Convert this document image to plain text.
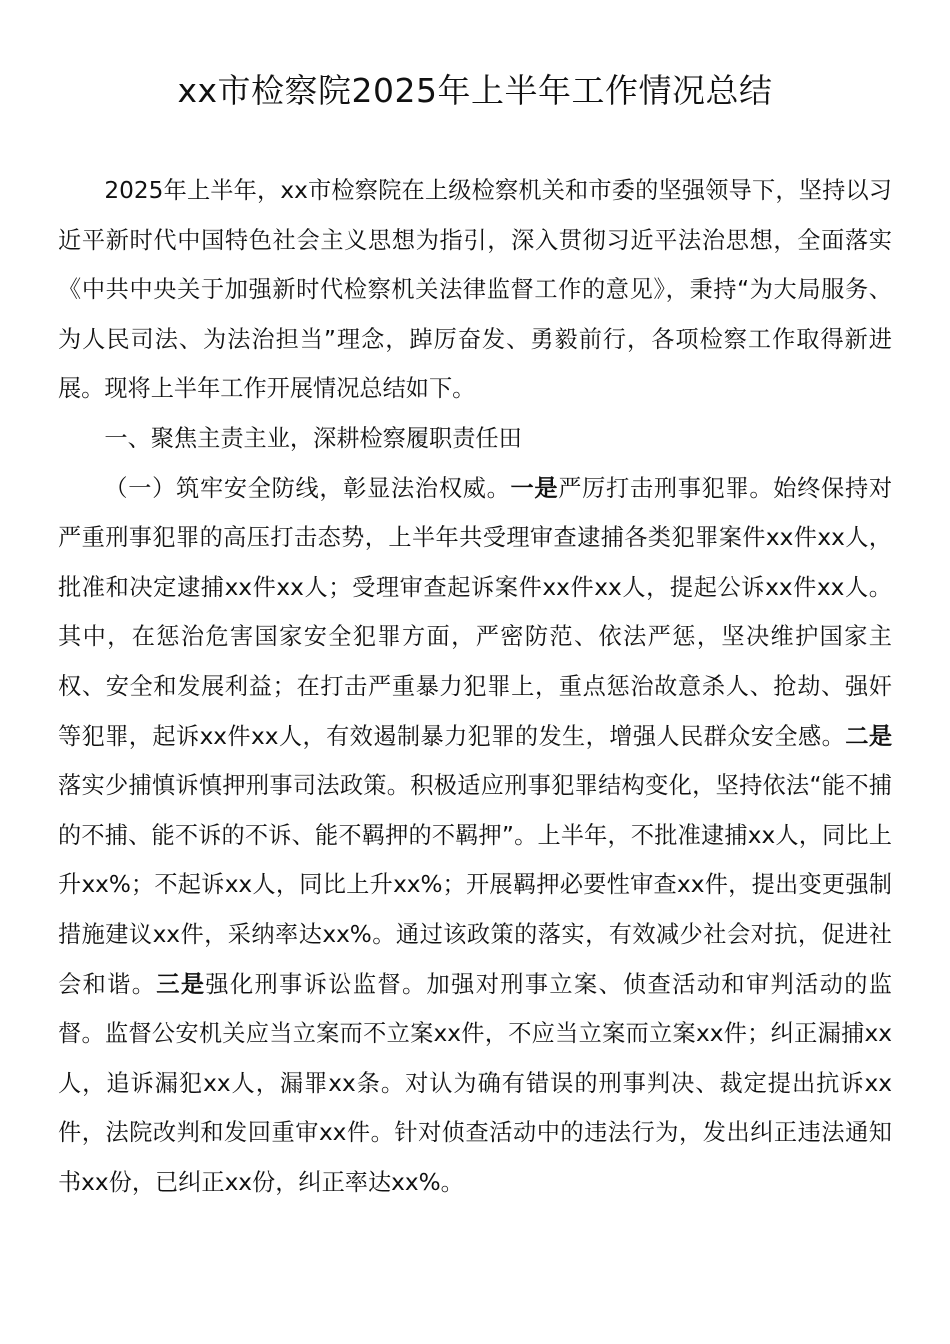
xx市检察院2025年上半年工作情况总结

2025年上半年，xx市检察院在上级检察机关和市委的坚强领导下，坚持以习近平新时代中国特色社会主义思想为指引，深入贯彻习近平法治思想，全面落实《中共中央关于加强新时代检察机关法律监督工作的意见》，秉持“为大局服务、为人民司法、为法治担当”理念，踔厉奋发、勇毅前行，各项检察工作取得新进展。现将上半年工作开展情况总结如下。

一、聚焦主责主业，深耕检察履职责任田

（一）筑牢安全防线，彰显法治权威。一是严厉打击刑事犯罪。始终保持对严重刑事犯罪的高压打击态势，上半年共受理审查逮捕各类犯罪案件xx件xx人，批准和决定逮捕xx件xx人；受理审查起诉案件xx件xx人，提起公诉xx件xx人。其中，在惩治危害国家安全犯罪方面，严密防范、依法严惩，坚决维护国家主权、安全和发展利益；在打击严重暴力犯罪上，重点惩治故意杀人、抢劫、强奸等犯罪，起诉xx件xx人，有效遏制暴力犯罪的发生，增强人民群众安全感。二是落实少捕慎诉慎押刑事司法政策。积极适应刑事犯罪结构变化，坚持依法“能不捕的不捕、能不诉的不诉、能不羁押的不羁押”。上半年，不批准逮捕xx人，同比上升xx%；不起诉xx人，同比上升xx%；开展羁押必要性审查xx件，提出变更强制措施建议xx件，采纳率达xx%。通过该政策的落实，有效减少社会对抗，促进社会和谐。三是强化刑事诉讼监督。加强对刑事立案、侦查活动和审判活动的监督。监督公安机关应当立案而不立案xx件，不应当立案而立案xx件；纠正漏捕xx人，追诉漏犯xx人，漏罪xx条。对认为确有错误的刑事判决、裁定提出抗诉xx件，法院改判和发回重审xx件。针对侦查活动中的违法行为，发出纠正违法通知书xx份，已纠正xx份，纠正率达xx%。
